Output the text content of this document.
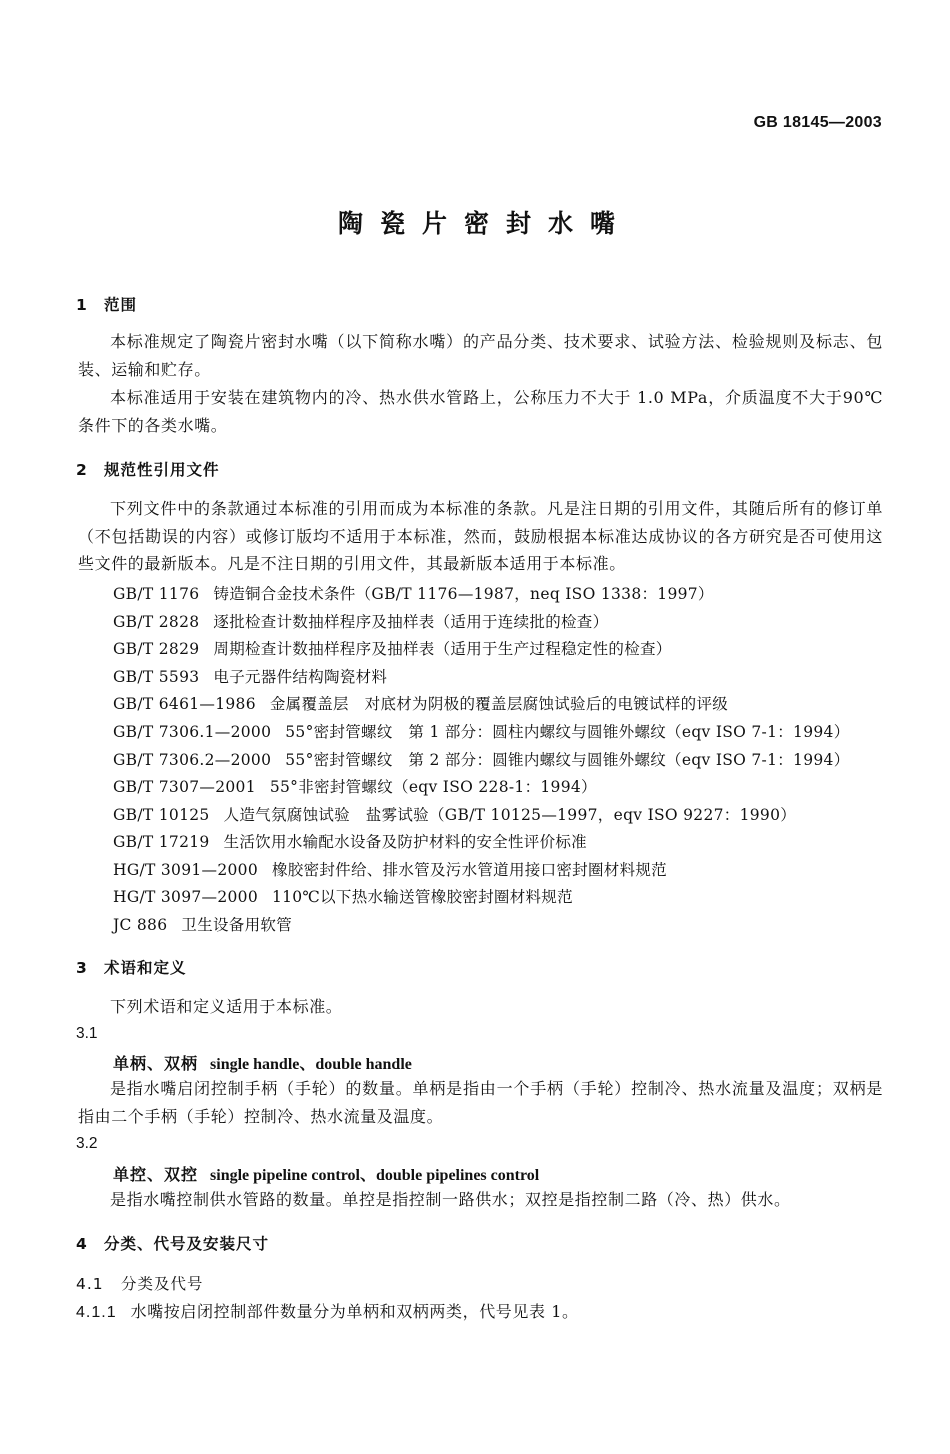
GB 18145—2003
陶瓷片密封水嘴
1 范围

本标准规定了陶瓷片密封水嘴（以下简称水嘴）的产品分类、技术要求、试验方法、检验规则及标志、包装、运输和贮存。

本标准适用于安装在建筑物内的冷、热水供水管路上，公称压力不大于 1.0 MPa，介质温度不大于90℃条件下的各类水嘴。

2 规范性引用文件

下列文件中的条款通过本标准的引用而成为本标准的条款。凡是注日期的引用文件，其随后所有的修订单（不包括勘误的内容）或修订版均不适用于本标准，然而，鼓励根据本标准达成协议的各方研究是否可使用这些文件的最新版本。凡是不注日期的引用文件，其最新版本适用于本标准。

GB/T 1176 铸造铜合金技术条件（GB/T 1176—1987，neq ISO 1338：1997）
GB/T 2828 逐批检查计数抽样程序及抽样表（适用于连续批的检查）
GB/T 2829 周期检查计数抽样程序及抽样表（适用于生产过程稳定性的检查）
GB/T 5593 电子元器件结构陶瓷材料
GB/T 6461—1986 金属覆盖层　对底材为阴极的覆盖层腐蚀试验后的电镀试样的评级
GB/T 7306.1—2000 55°密封管螺纹　第 1 部分：圆柱内螺纹与圆锥外螺纹（eqv ISO 7-1：1994）
GB/T 7306.2—2000 55°密封管螺纹　第 2 部分：圆锥内螺纹与圆锥外螺纹（eqv ISO 7-1：1994）
GB/T 7307—2001 55°非密封管螺纹（eqv ISO 228-1：1994）
GB/T 10125 人造气氛腐蚀试验　盐雾试验（GB/T 10125—1997，eqv ISO 9227：1990）
GB/T 17219 生活饮用水输配水设备及防护材料的安全性评价标准
HG/T 3091—2000 橡胶密封件给、排水管及污水管道用接口密封圈材料规范
HG/T 3097—2000 110℃以下热水输送管橡胶密封圈材料规范
JC 886 卫生设备用软管
3 术语和定义

下列术语和定义适用于本标准。

3.1
单柄、双柄 single handle、double handle

是指水嘴启闭控制手柄（手轮）的数量。单柄是指由一个手柄（手轮）控制冷、热水流量及温度；双柄是指由二个手柄（手轮）控制冷、热水流量及温度。

3.2
单控、双控 single pipeline control、double pipelines control

是指水嘴控制供水管路的数量。单控是指控制一路供水；双控是指控制二路（冷、热）供水。

4 分类、代号及安装尺寸
4.1 分类及代号
4.1.1 水嘴按启闭控制部件数量分为单柄和双柄两类，代号见表 1。
